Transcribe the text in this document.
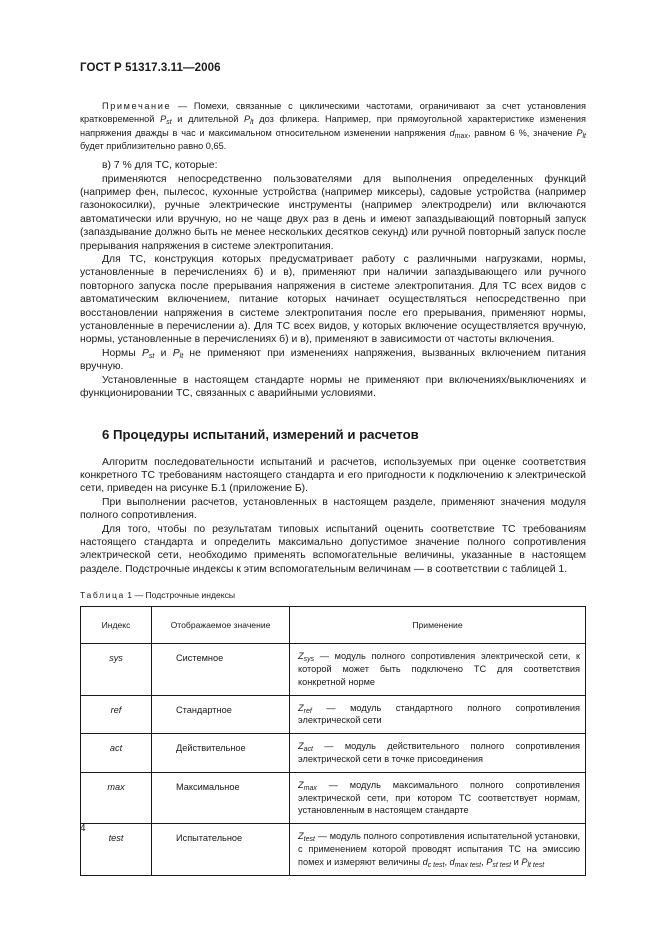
ГОСТ Р 51317.3.11—2006
Примечание — Помехи, связанные с циклическими частотами, ограничивают за счет установления кратковременной $P_{st}$ и длительной $P_{lt}$ доз фликера. Например, при прямоугольной характеристике изменения напряжения дважды в час и максимальном относительном изменении напряжения $d_{max}$, равном 6 %, значение $P_{lt}$ будет приблизительно равно 0,65.

в) 7 % для ТС, которые:

применяются непосредственно пользователями для выполнения определенных функций (например фен, пылесос, кухонные устройства (например миксеры), садовые устройства (например газонокосилки), ручные электрические инструменты (например электродрели) или включаются автоматически или вручную, но не чаще двух раз в день и имеют запаздывающий повторный запуск (запаздывание должно быть не менее нескольких десятков секунд) или ручной повторный запуск после прерывания напряжения в системе электропитания.

Для ТС, конструкция которых предусматривает работу с различными нагрузками, нормы, установленные в перечислениях б) и в), применяют при наличии запаздывающего или ручного повторного запуска после прерывания напряжения в системе электропитания. Для ТС всех видов с автоматическим включением, питание которых начинает осуществляться непосредственно при восстановлении напряжения в системе электропитания после его прерывания, применяют нормы, установленные в перечислении а). Для ТС всех видов, у которых включение осуществляется вручную, нормы, установленные в перечислениях б) и в), применяют в зависимости от частоты включения.

Нормы $P_{st}$ и $P_{lt}$ не применяют при изменениях напряжения, вызванных включением питания вручную.

Установленные в настоящем стандарте нормы не применяют при включениях/выключениях и функционировании ТС, связанных с аварийными условиями.

6 Процедуры испытаний, измерений и расчетов

Алгоритм последовательности испытаний и расчетов, используемых при оценке соответствия конкретного ТС требованиям настоящего стандарта и его пригодности к подключению к электрической сети, приведен на рисунке Б.1 (приложение Б).

При выполнении расчетов, установленных в настоящем разделе, применяют значения модуля полного сопротивления.

Для того, чтобы по результатам типовых испытаний оценить соответствие ТС требованиям настоящего стандарта и определить максимально допустимое значение полного сопротивления электрической сети, необходимо применять вспомогательные величины, указанные в настоящем разделе. Подстрочные индексы к этим вспомогательным величинам — в соответствии с таблицей 1.

Таблица 1 — Подстрочные индексы
Индекс	Отображаемое значение	Применение
sys	Системное	$Z_{sys}$ — модуль полного сопротивления электрической сети, к которой может быть подключено ТС для соответствия конкретной норме
ref	Стандартное	$Z_{ref}$ — модуль стандартного полного сопротивления электрической сети
act	Действительное	$Z_{act}$ — модуль действительного полного сопротивления электрической сети в точке присоединения
max	Максимальное	$Z_{max}$ — модуль максимального полного сопротивления электрической сети, при котором ТС соответствует нормам, установленным в настоящем стандарте
test	Испытательное	$Z_{test}$ — модуль полного сопротивления испытательной установки, с применением которой проводят испытания ТС на эмиссию помех и измеряют величины $d_{c test}$, $d_{max test}$, $P_{st test}$ и $P_{lt test}$
4
